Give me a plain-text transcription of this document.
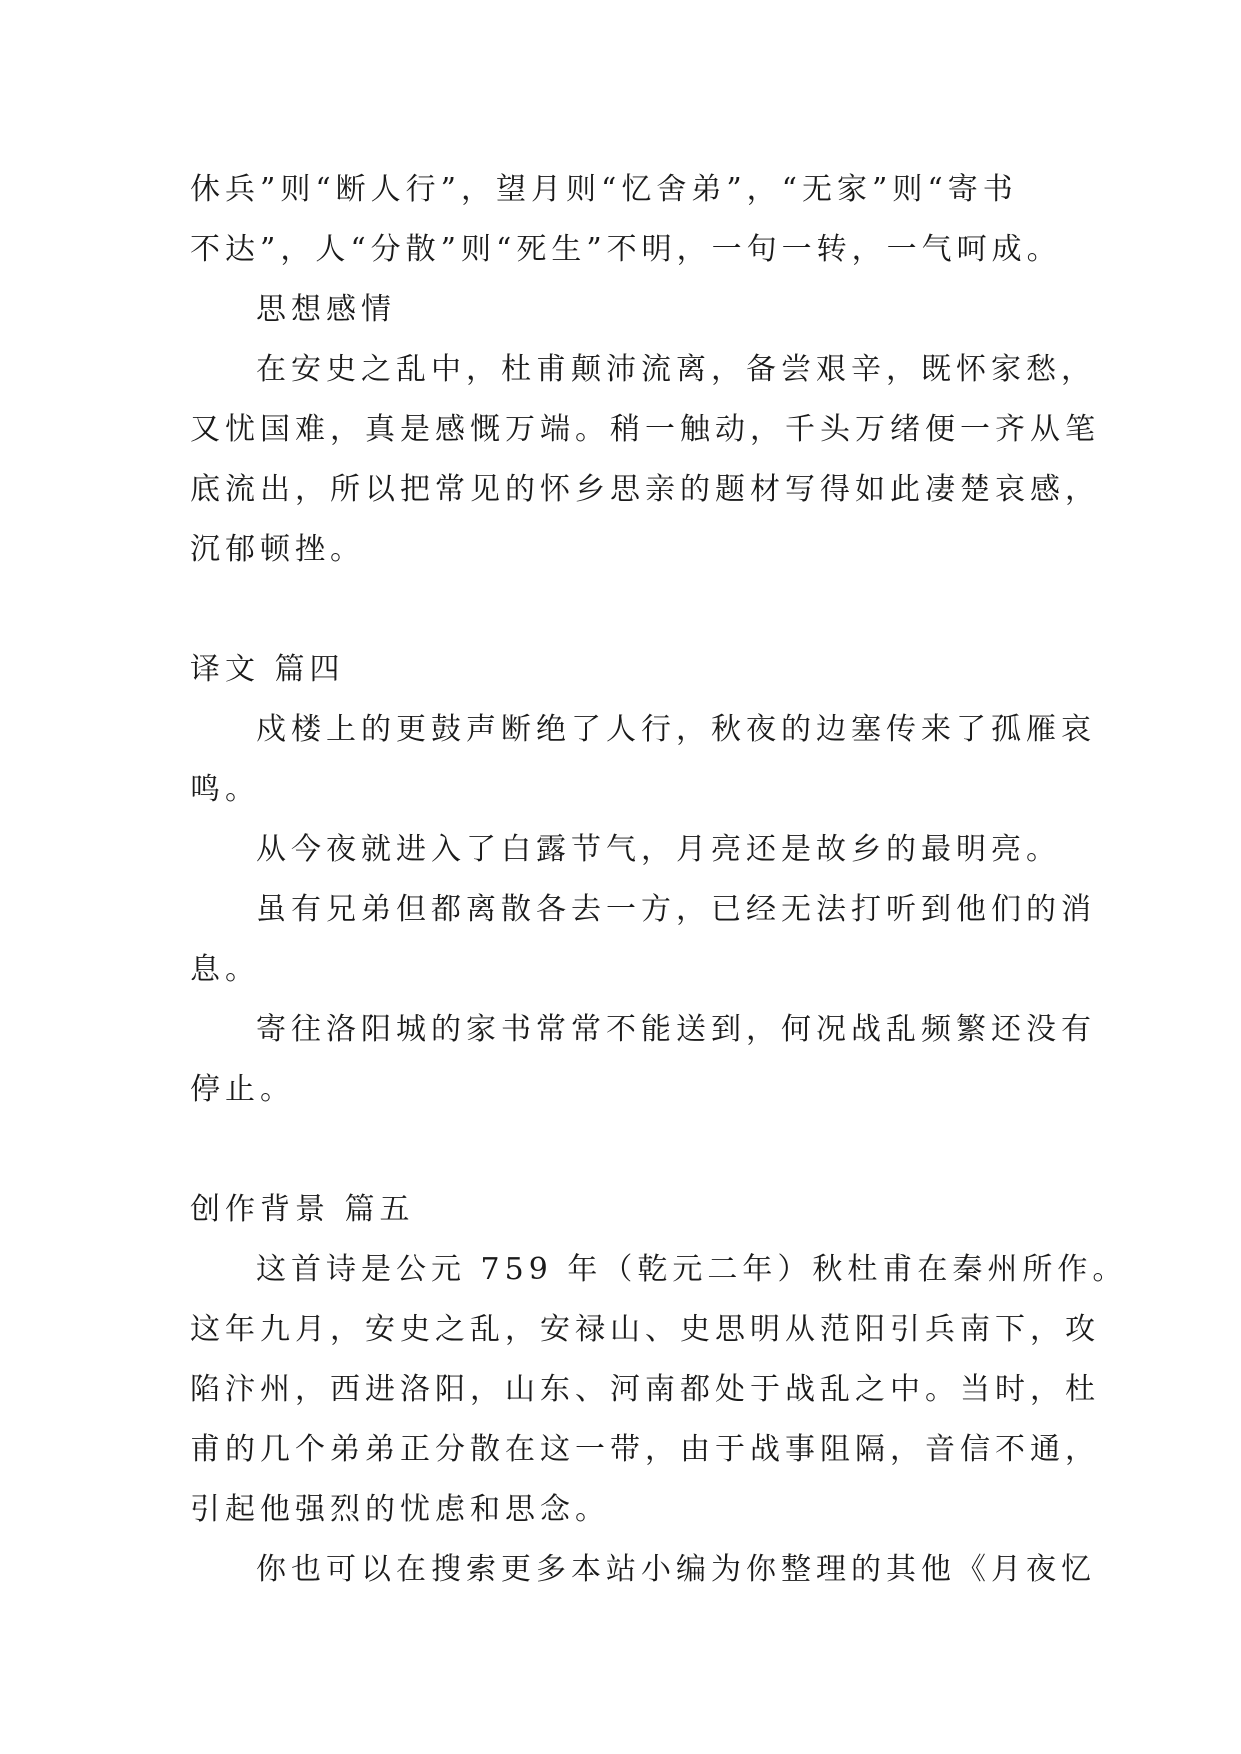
休兵”则“断人行”，望月则“忆舍弟”，“无家”则“寄书
不达”，人“分散”则“死生”不明，一句一转，一气呵成。
思想感情
在安史之乱中，杜甫颠沛流离，备尝艰辛，既怀家愁，
又忧国难，真是感慨万端。稍一触动，千头万绪便一齐从笔
底流出，所以把常见的怀乡思亲的题材写得如此凄楚哀感，
沉郁顿挫。
译文 篇四
戍楼上的更鼓声断绝了人行，秋夜的边塞传来了孤雁哀
鸣。
从今夜就进入了白露节气，月亮还是故乡的最明亮。
虽有兄弟但都离散各去一方，已经无法打听到他们的消
息。
寄往洛阳城的家书常常不能送到，何况战乱频繁还没有
停止。
创作背景 篇五
这首诗是公元 759 年（乾元二年）秋杜甫在秦州所作。
这年九月，安史之乱，安禄山、史思明从范阳引兵南下，攻
陷汴州，西进洛阳，山东、河南都处于战乱之中。当时，杜
甫的几个弟弟正分散在这一带，由于战事阻隔，音信不通，
引起他强烈的忧虑和思念。
你也可以在搜索更多本站小编为你整理的其他《月夜忆
